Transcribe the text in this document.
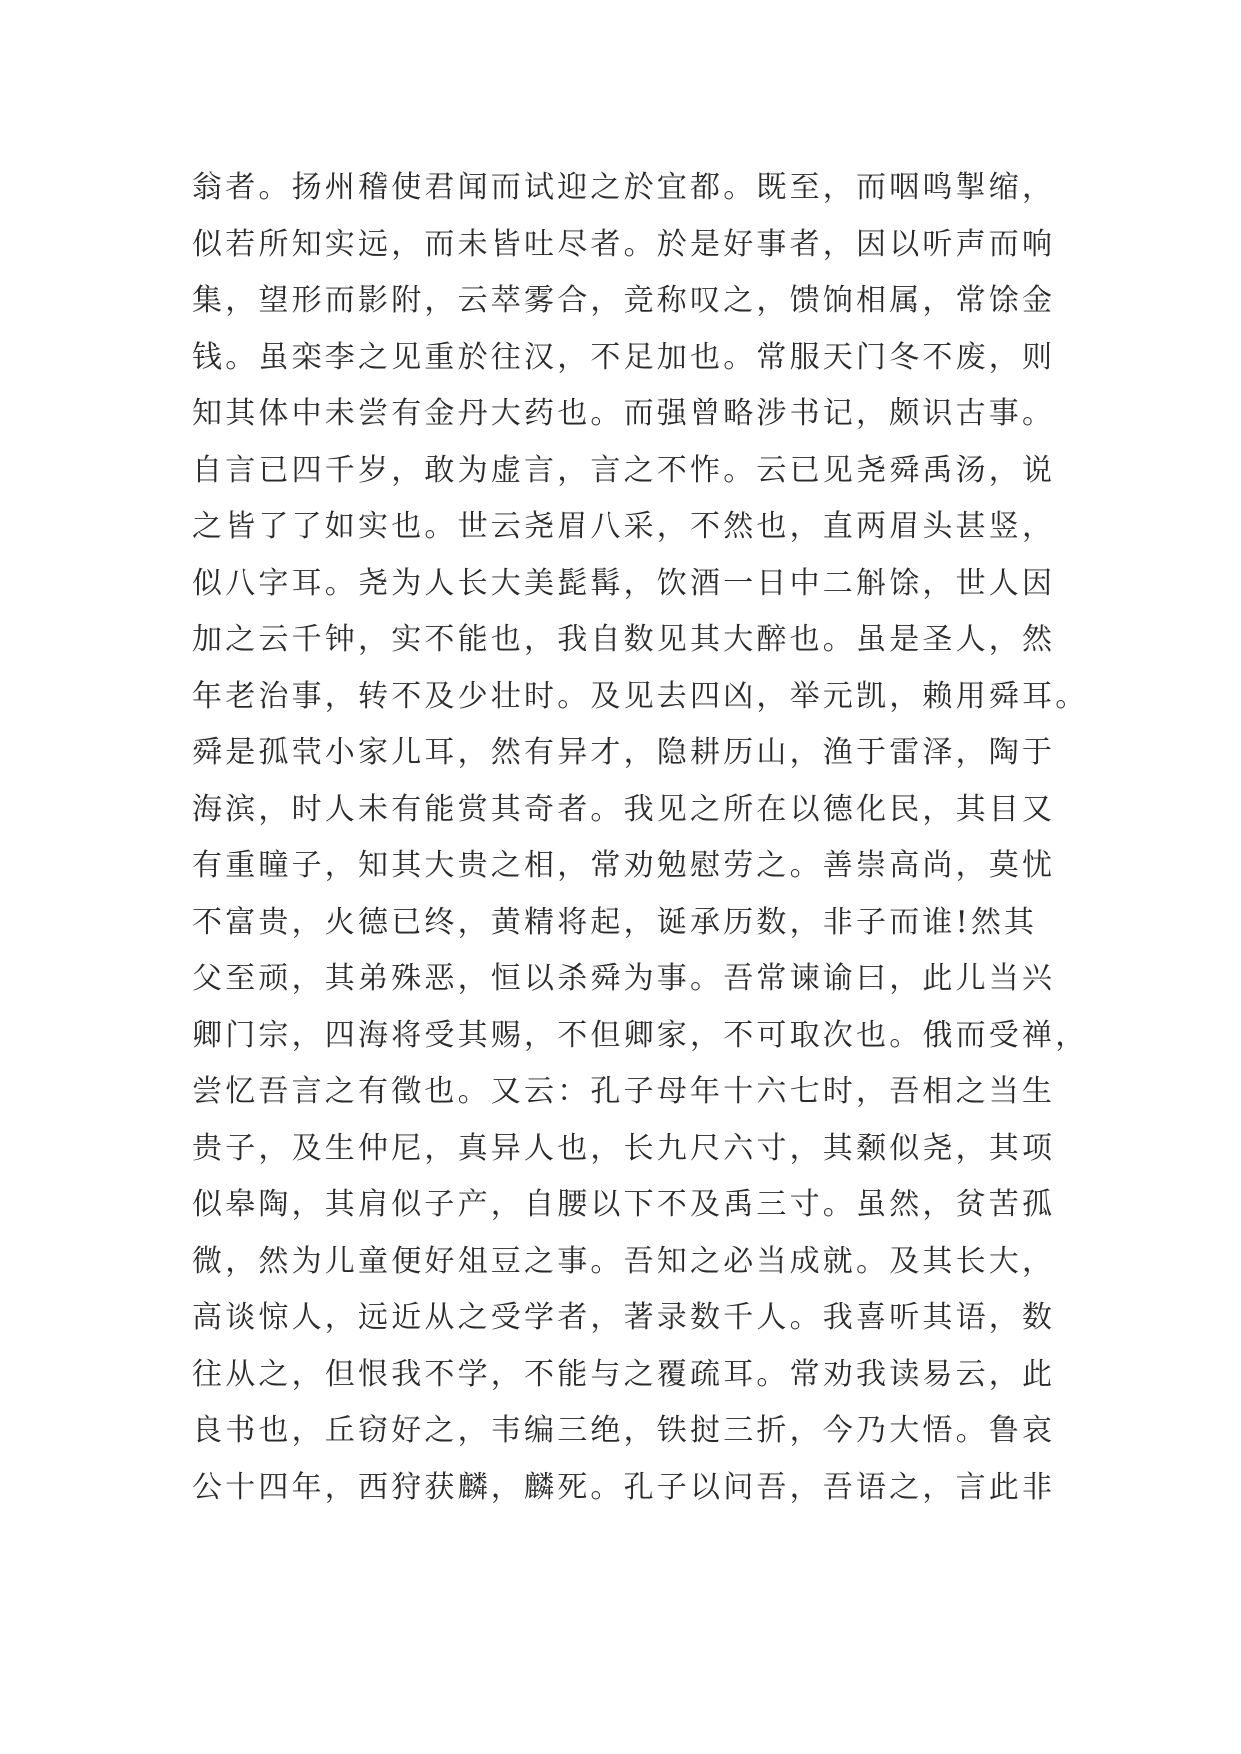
翁者。扬州稽使君闻而试迎之於宜都。既至，而咽鸣掣缩，
似若所知实远，而未皆吐尽者。於是好事者，因以听声而响
集，望形而影附，云萃雾合，竞称叹之，馈饷相属，常馀金
钱。虽栾李之见重於往汉，不足加也。常服天门冬不废，则
知其体中未尝有金丹大药也。而强曾略涉书记，颇识古事。
自言已四千岁，敢为虚言，言之不怍。云已见尧舜禹汤，说
之皆了了如实也。世云尧眉八采，不然也，直两眉头甚竖，
似八字耳。尧为人长大美髭髯，饮酒一日中二斛馀，世人因
加之云千钟，实不能也，我自数见其大醉也。虽是圣人，然
年老治事，转不及少壮时。及见去四凶，举元凯，赖用舜耳。
舜是孤茕小家儿耳，然有异才，隐耕历山，渔于雷泽，陶于
海滨，时人未有能赏其奇者。我见之所在以德化民，其目又
有重瞳子，知其大贵之相，常劝勉慰劳之。善崇高尚，莫忧
不富贵，火德已终，黄精将起，诞承历数，非子而谁!然其
父至顽，其弟殊恶，恒以杀舜为事。吾常谏谕曰，此儿当兴
卿门宗，四海将受其赐，不但卿家，不可取次也。俄而受禅，
尝忆吾言之有徵也。又云：孔子母年十六七时，吾相之当生
贵子，及生仲尼，真异人也，长九尺六寸，其颡似尧，其项
似皋陶，其肩似子产，自腰以下不及禹三寸。虽然，贫苦孤
微，然为儿童便好俎豆之事。吾知之必当成就。及其长大，
高谈惊人，远近从之受学者，著录数千人。我喜听其语，数
往从之，但恨我不学，不能与之覆疏耳。常劝我读易云，此
良书也，丘窃好之，韦编三绝，铁挝三折，今乃大悟。鲁哀
公十四年，西狩获麟，麟死。孔子以问吾，吾语之，言此非
